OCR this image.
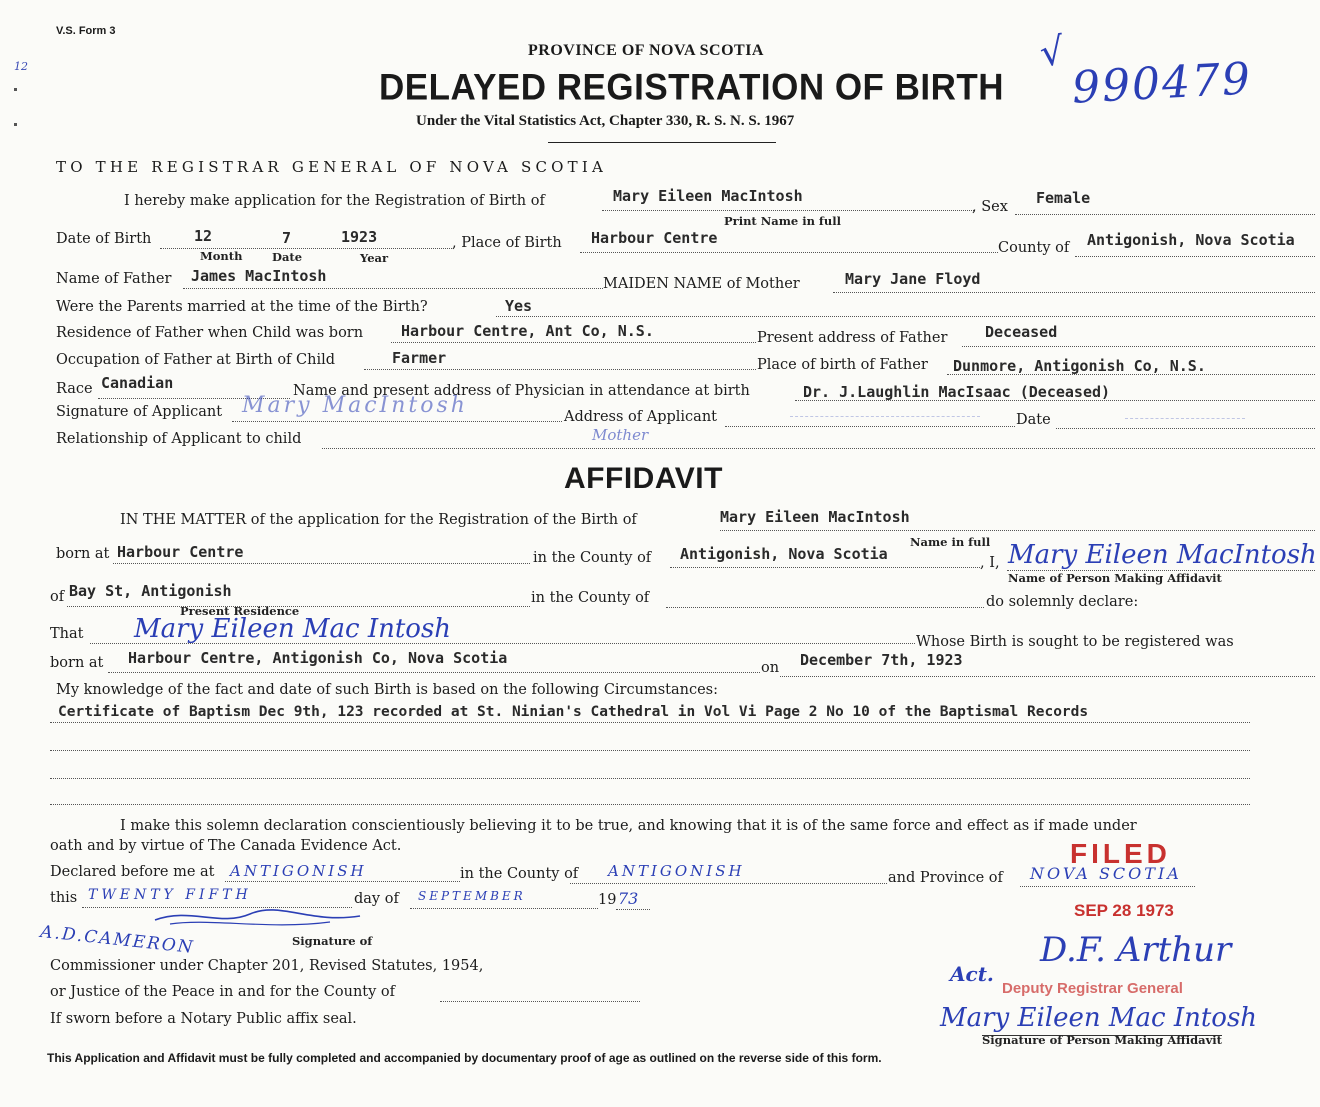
V.S. Form 3
12
PROVINCE OF NOVA SCOTIA
DELAYED REGISTRATION OF BIRTH
Under the Vital Statistics Act, Chapter 330, R. S. N. S. 1967
√
990479
TO THE REGISTRAR GENERAL OF NOVA SCOTIA
I hereby make application for the Registration of Birth of	Mary Eileen MacIntosh
, Sex Female
Print Name in full
Date of Birth	12	7	1923
Month	Date	Year
, Place of Birth Harbour Centre
County of Antigonish, Nova Scotia
Name of Father James MacIntosh	MAIDEN NAME of Mother	Mary Jane Floyd
Were the Parents married at the time of the Birth?	Yes
Residence of Father when Child was born	Harbour Centre, Ant Co, N.S.	Present address of Father	Deceased
Occupation of Father at Birth of Child	Farmer	Place of birth of Father Dunmore, Antigonish Co, N.S.
Race Canadian	Name and present address of Physician in attendance at birth	Dr. J.Laughlin MacIsaac (Deceased)
Signature of Applicant Mary MacIntosh	Address of Applicant	Date
Relationship of Applicant to child	Mother
AFFIDAVIT
IN THE MATTER of the application for the Registration of the Birth of	Mary Eileen MacIntosh
Name in full
born at Harbour Centre	in the County of Antigonish, Nova Scotia	, I, Mary Eileen MacIntosh
Name of Person Making Affidavit
of Bay St, Antigonish
Present Residence
in the County of	do solemnly declare:
That Mary Eileen Mac Intosh	Whose Birth is sought to be registered was
born at Harbour Centre, Antigonish Co, Nova Scotia
on December 7th, 1923
My knowledge of the fact and date of such Birth is based on the following Circumstances:
Certificate of Baptism Dec 9th, 123 recorded at St. Ninian's Cathedral in Vol Vi Page 2 No 10 of the Baptismal Records
I make this solemn declaration conscientiously believing it to be true, and knowing that it is of the same force and effect as if made under
oath and by virtue of The Canada Evidence Act.
Declared before me at ANTIGONISH	in the County of ANTIGONISH	and Province of NOVA SCOTIA
this TWENTY FIFTH	day of SEPTEMBER	19 73
A.D.CAMERON	Signature of
Commissioner under Chapter 201, Revised Statutes, 1954,
or Justice of the Peace in and for the County of
If sworn before a Notary Public affix seal.
FILED
SEP 28 1973
Act.
D.F. Arthur
Deputy Registrar General
Mary Eileen Mac Intosh
Signature of Person Making Affidavit
This Application and Affidavit must be fully completed and accompanied by documentary proof of age as outlined on the reverse side of this form.
